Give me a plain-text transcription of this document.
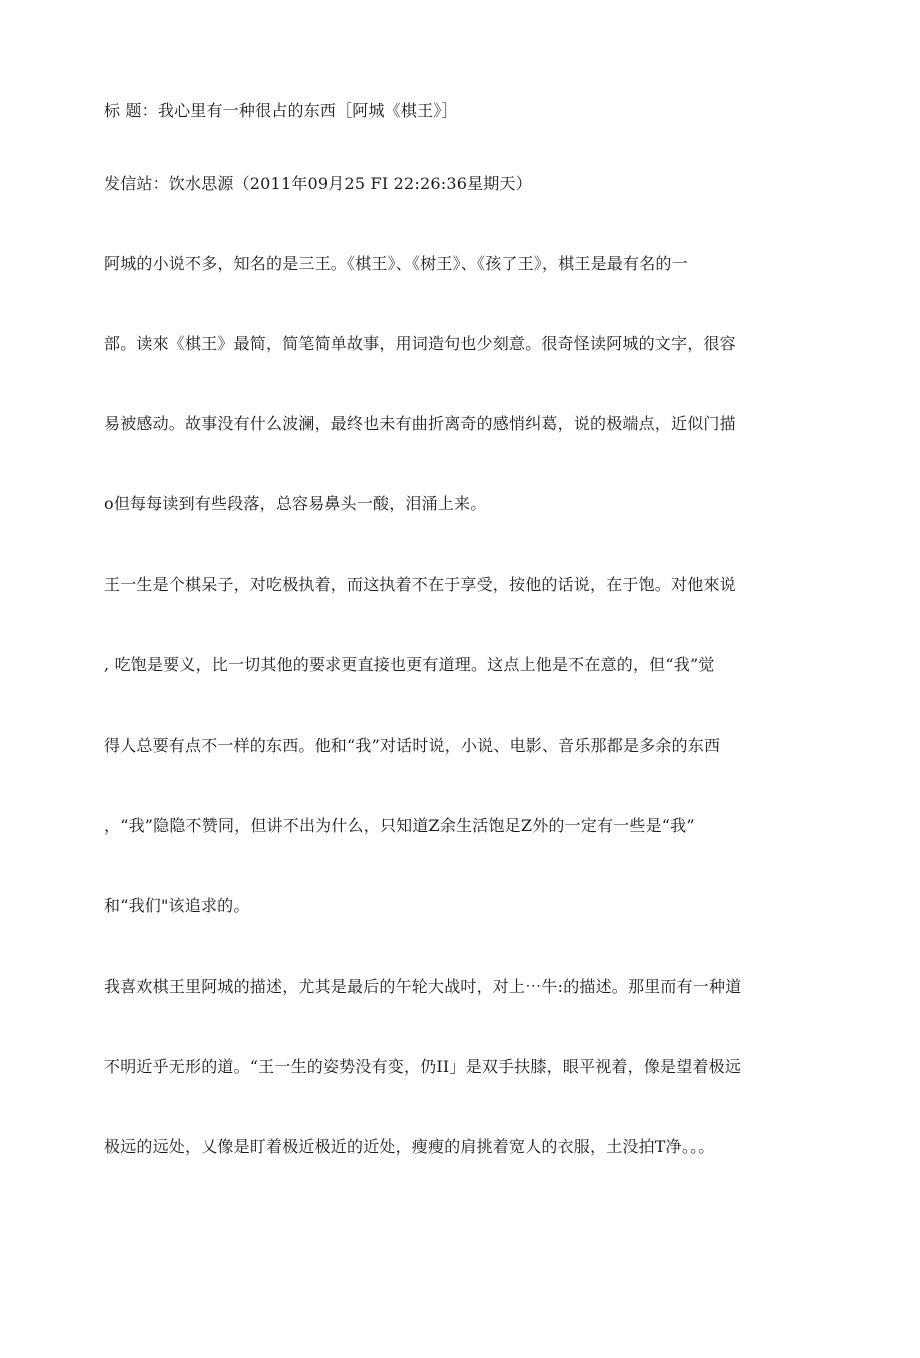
标 题：我心里有一种很占的东西［阿城《棋王》］
发信站：饮水思源（2011年09月25 FI 22:26:36星期天）
阿城的小说不多，知名的是三王。《棋王》、《树王》、《孩了王》，棋王是最有名的一
部。读來《棋王》最简，简笔简单故事，用词造句也少刻意。很奇怪读阿城的文字，很容
易被感动。故事没有什么波澜，最终也未有曲折离奇的感悄纠葛，说的极端点，近似门描
o但每每读到有些段落，总容易鼻头一酸，泪涌上来。
王一生是个棋呆子，对吃极执着，而这执着不在于享受，按他的话说，在于饱。对他來说
, 吃饱是要义，比一切其他的要求更直接也更有道理。这点上他是不在意的，但“我”觉
得人总要有点不一样的东西。他和“我”对话时说，小说、电影、音乐那都是多余的东西
，“我”隐隐不赞同，但讲不出为什么，只知道Z余生活饱足Z外的一定有一些是“我”
和“我们"该追求的。
我喜欢棋王里阿城的描述，尤其是最后的午轮大战吋，对上⋯牛:的描述。那里而有一种道
不明近乎无形的道。“王一生的姿势没有变，仍II」是双手扶膝，眼平视着，像是望着极远
极远的远处，乂像是盯着极近极近的近处，瘦瘦的肩挑着宽人的衣服，土没拍T净。。。
